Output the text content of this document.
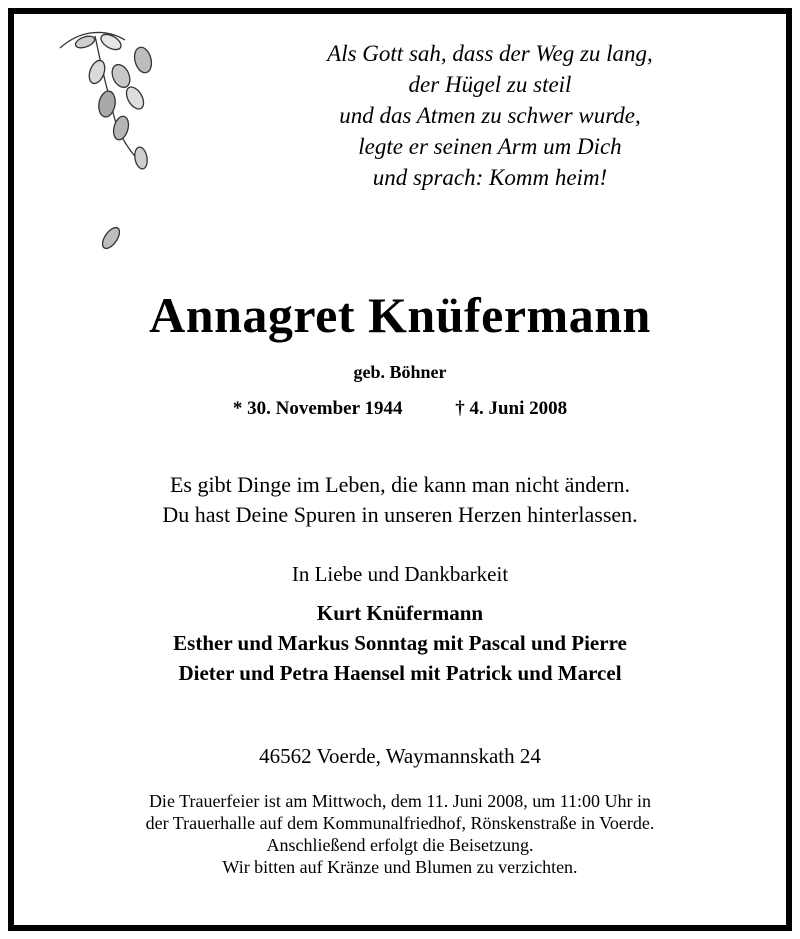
Als Gott sah, dass der Weg zu lang,
der Hügel zu steil
und das Atmen zu schwer wurde,
legte er seinen Arm um Dich
und sprach: Komm heim!
Annagret Knüfermann
geb. Böhner
* 30. November 1944	† 4. Juni 2008
Es gibt Dinge im Leben, die kann man nicht ändern.
Du hast Deine Spuren in unseren Herzen hinterlassen.
In Liebe und Dankbarkeit
Kurt Knüfermann
Esther und Markus Sonntag mit Pascal und Pierre
Dieter und Petra Haensel mit Patrick und Marcel
46562 Voerde, Waymannskath 24
Die Trauerfeier ist am Mittwoch, dem 11. Juni 2008, um 11:00 Uhr in
der Trauerhalle auf dem Kommunalfriedhof, Rönskenstraße in Voerde.
Anschließend erfolgt die Beisetzung.
Wir bitten auf Kränze und Blumen zu verzichten.
